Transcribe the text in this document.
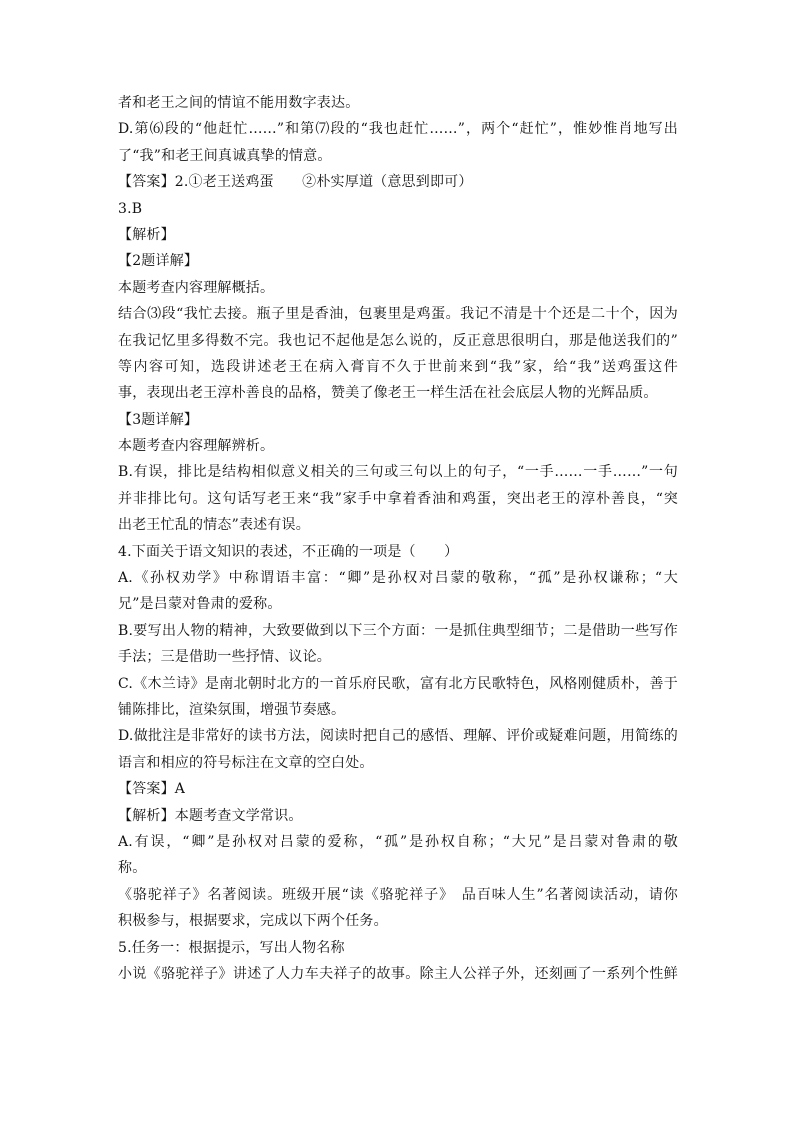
者和老王之间的情谊不能用数字表达。
D.第⑹段的“他赶忙……”和第⑺段的“我也赶忙……”，两个“赶忙”，惟妙惟肖地写出
了“我”和老王间真诚真挚的情意。
【答案】2.①老王送鸡蛋　　②朴实厚道（意思到即可）
3.B
【解析】
【2题详解】
本题考查内容理解概括。
结合⑶段“我忙去接。瓶子里是香油，包裹里是鸡蛋。我记不清是十个还是二十个，因为
在我记忆里多得数不完。我也记不起他是怎么说的，反正意思很明白，那是他送我们的”
等内容可知，选段讲述老王在病入膏肓不久于世前来到“我”家，给“我”送鸡蛋这件
事，表现出老王淳朴善良的品格，赞美了像老王一样生活在社会底层人物的光辉品质。
【3题详解】
本题考查内容理解辨析。
B.有误，排比是结构相似意义相关的三句或三句以上的句子，“一手……一手……”一句
并非排比句。这句话写老王来“我”家手中拿着香油和鸡蛋，突出老王的淳朴善良，“突
出老王忙乱的情态”表述有误。
4.下面关于语文知识的表述，不正确的一项是（　　）
A.《孙权劝学》中称谓语丰富：“卿”是孙权对吕蒙的敬称，“孤”是孙权谦称；“大
兄”是吕蒙对鲁肃的爱称。
B.要写出人物的精神，大致要做到以下三个方面：一是抓住典型细节；二是借助一些写作
手法；三是借助一些抒情、议论。
C.《木兰诗》是南北朝时北方的一首乐府民歌，富有北方民歌特色，风格刚健质朴，善于
铺陈排比，渲染氛围，增强节奏感。
D.做批注是非常好的读书方法，阅读时把自己的感悟、理解、评价或疑难问题，用简练的
语言和相应的符号标注在文章的空白处。
【答案】A
【解析】本题考查文学常识。
A.有误，“卿”是孙权对吕蒙的爱称，“孤”是孙权自称；“大兄”是吕蒙对鲁肃的敬
称。
《骆驼祥子》名著阅读。班级开展“读《骆驼祥子》　品百味人生”名著阅读活动，请你
积极参与，根据要求，完成以下两个任务。
5.任务一：根据提示，写出人物名称
小说《骆驼祥子》讲述了人力车夫祥子的故事。除主人公祥子外，还刻画了一系列个性鲜
